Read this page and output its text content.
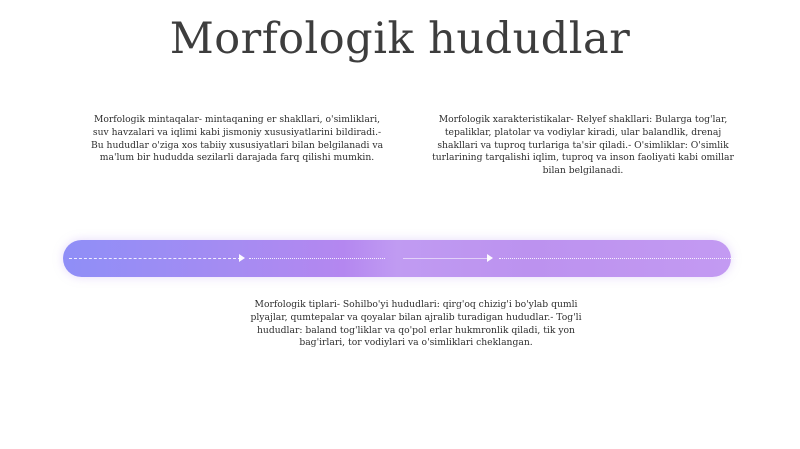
Morfologik hududlar
Morfologik mintaqalar- mintaqaning er shakllari, o'simliklari, suv havzalari va iqlimi kabi jismoniy xususiyatlarini bildiradi.- Bu hududlar o'ziga xos tabiiy xususiyatlari bilan belgilanadi va ma'lum bir hududda sezilarli darajada farq qilishi mumkin.
Morfologik xarakteristikalar- Relyef shakllari: Bularga tog'lar, tepaliklar, platolar va vodiylar kiradi, ular balandlik, drenaj shakllari va tuproq turlariga ta'sir qiladi.- O'simliklar: O'simlik turlarining tarqalishi iqlim, tuproq va inson faoliyati kabi omillar bilan belgilanadi.
Morfologik tiplari- Sohilbo'yi hududlari: qirg'oq chizig'i bo'ylab qumli plyajlar, qumtepalar va qoyalar bilan ajralib turadigan hududlar.- Tog'li hududlar: baland tog'liklar va qo'pol erlar hukmronlik qiladi, tik yon bag'irlari, tor vodiylari va o'simliklari cheklangan.
